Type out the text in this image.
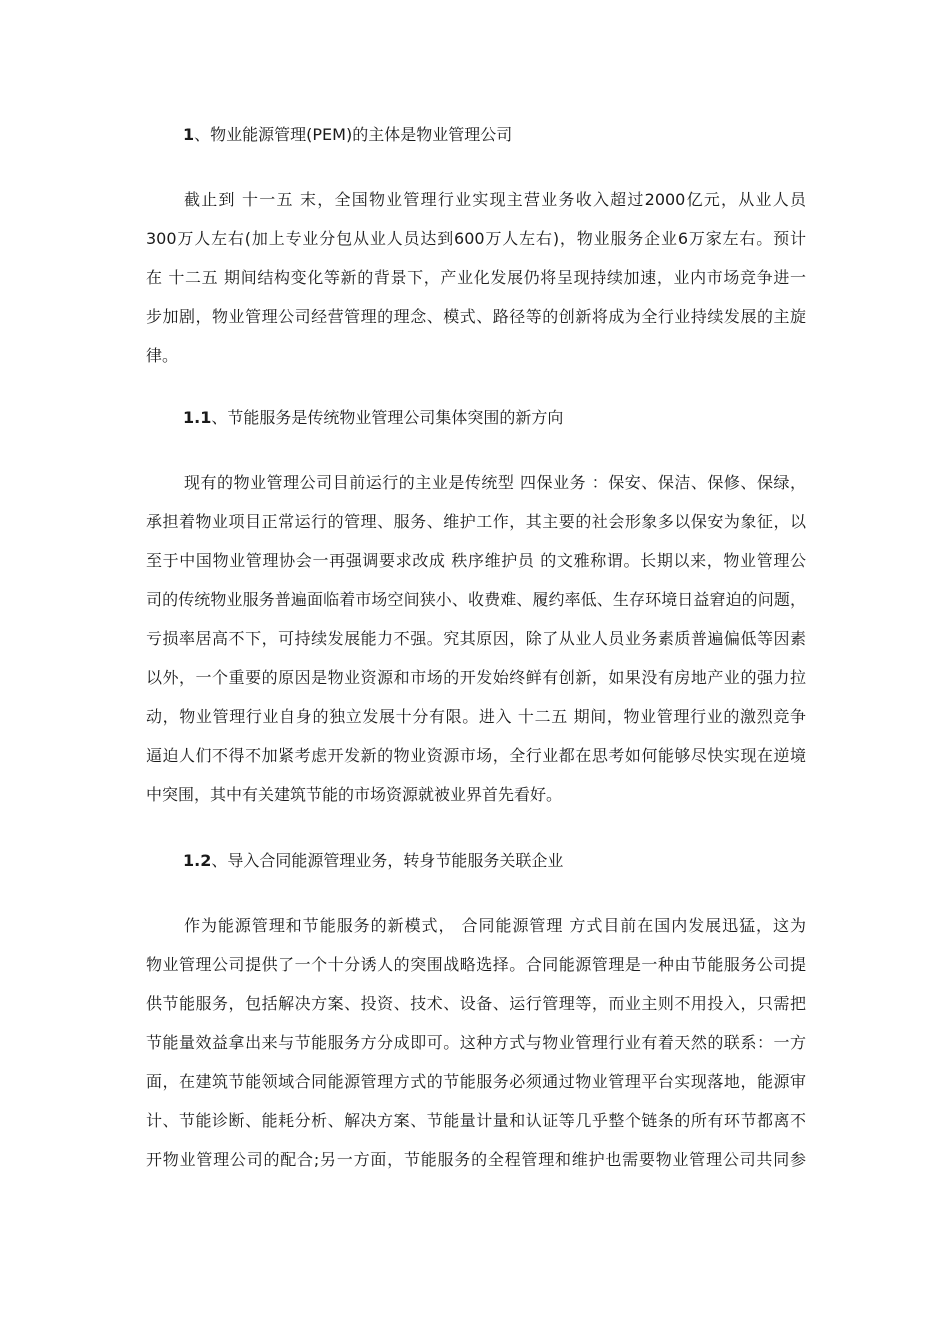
1、物业能源管理(PEM)的主体是物业管理公司
截止到 十一五 末，全国物业管理行业实现主营业务收入超过2000亿元，从业人员
300万人左右(加上专业分包从业人员达到600万人左右)，物业服务企业6万家左右。预计
在 十二五 期间结构变化等新的背景下，产业化发展仍将呈现持续加速，业内市场竞争进一
步加剧，物业管理公司经营管理的理念、模式、路径等的创新将成为全行业持续发展的主旋
律。
1.1、节能服务是传统物业管理公司集体突围的新方向
现有的物业管理公司目前运行的主业是传统型 四保业务 ：保安、保洁、保修、保绿，
承担着物业项目正常运行的管理、服务、维护工作，其主要的社会形象多以保安为象征，以
至于中国物业管理协会一再强调要求改成 秩序维护员 的文雅称谓。长期以来，物业管理公
司的传统物业服务普遍面临着市场空间狭小、收费难、履约率低、生存环境日益窘迫的问题，
亏损率居高不下，可持续发展能力不强。究其原因，除了从业人员业务素质普遍偏低等因素
以外，一个重要的原因是物业资源和市场的开发始终鲜有创新，如果没有房地产业的强力拉
动，物业管理行业自身的独立发展十分有限。进入 十二五 期间，物业管理行业的激烈竞争
逼迫人们不得不加紧考虑开发新的物业资源市场，全行业都在思考如何能够尽快实现在逆境
中突围，其中有关建筑节能的市场资源就被业界首先看好。
1.2、导入合同能源管理业务，转身节能服务关联企业
作为能源管理和节能服务的新模式， 合同能源管理 方式目前在国内发展迅猛，这为
物业管理公司提供了一个十分诱人的突围战略选择。合同能源管理是一种由节能服务公司提
供节能服务，包括解决方案、投资、技术、设备、运行管理等，而业主则不用投入，只需把
节能量效益拿出来与节能服务方分成即可。这种方式与物业管理行业有着天然的联系：一方
面，在建筑节能领域合同能源管理方式的节能服务必须通过物业管理平台实现落地，能源审
计、节能诊断、能耗分析、解决方案、节能量计量和认证等几乎整个链条的所有环节都离不
开物业管理公司的配合;另一方面，节能服务的全程管理和维护也需要物业管理公司共同参
